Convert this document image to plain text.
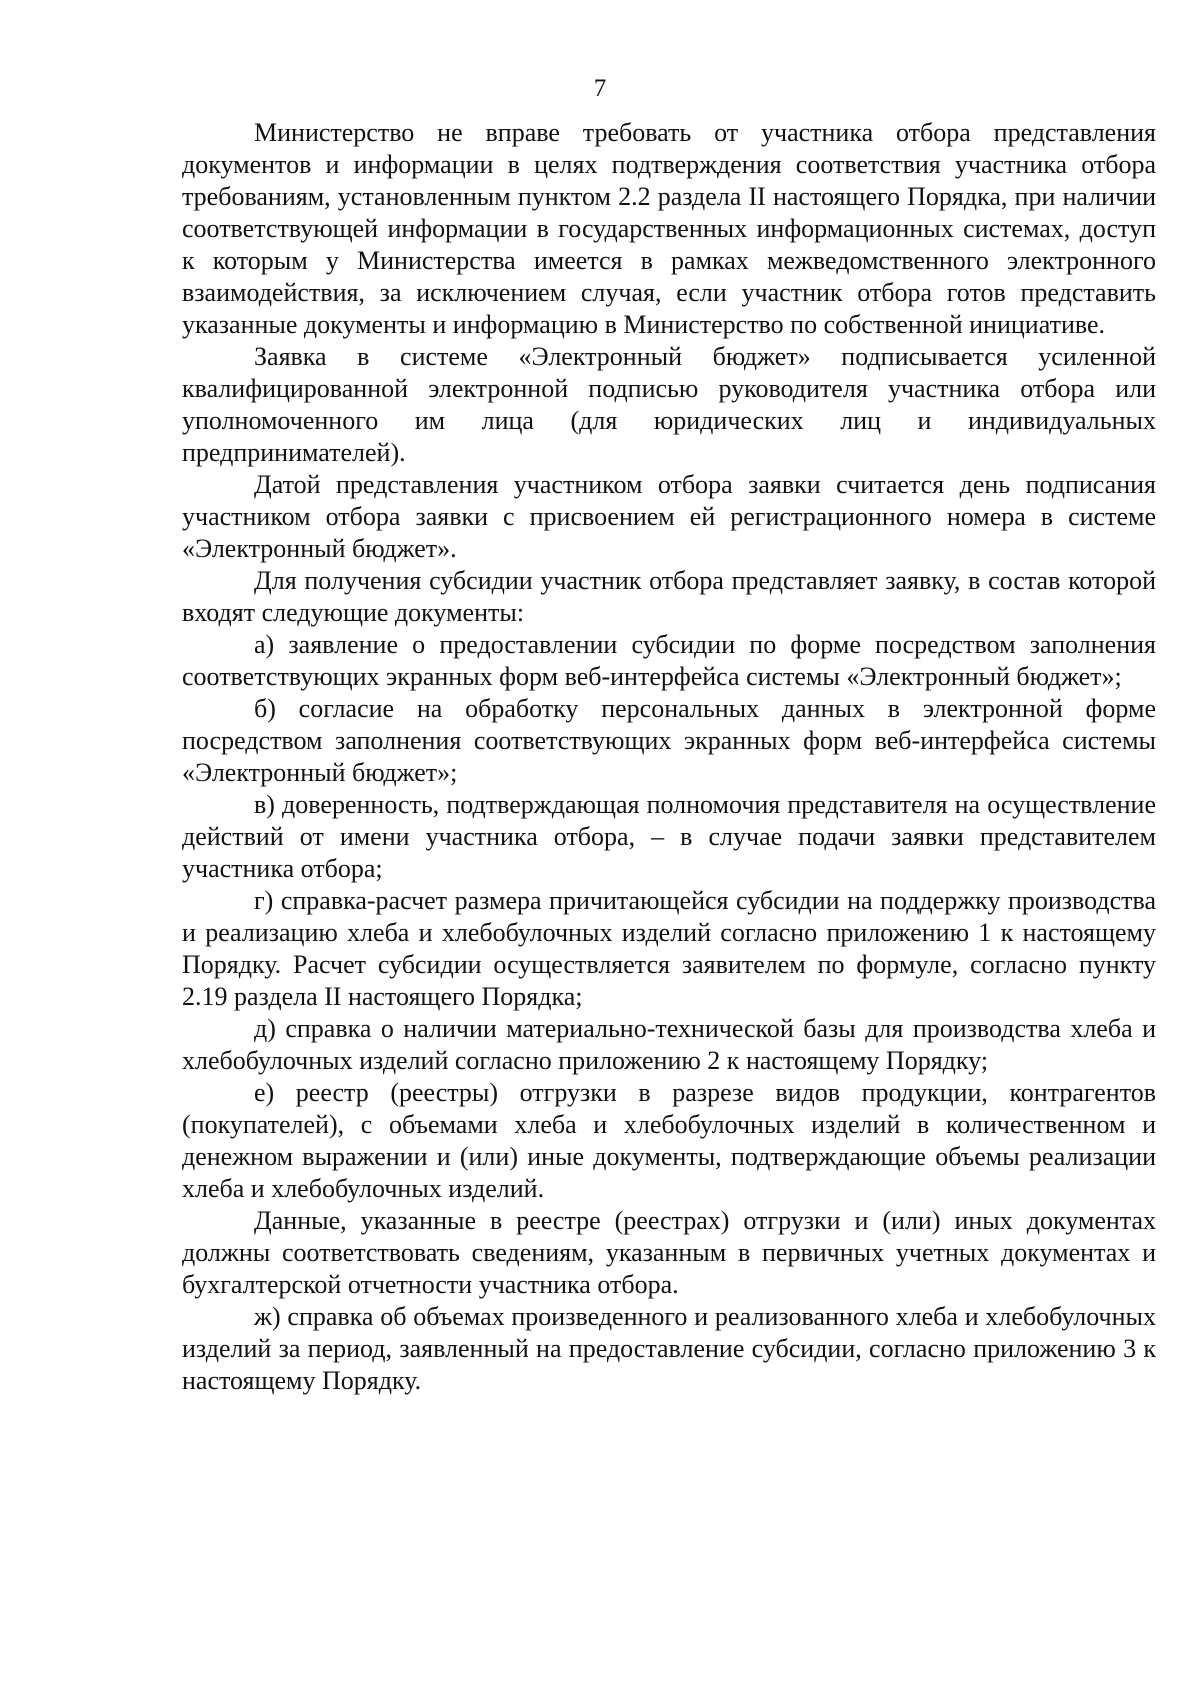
7

Министерство не вправе требовать от участника отбора представления документов и информации в целях подтверждения соответствия участника отбора требованиям, установленным пунктом 2.2 раздела II настоящего Порядка, при наличии соответствующей информации в государственных информационных системах, доступ к которым у Министерства имеется в рамках межведомственного электронного взаимодействия, за исключением случая, если участник отбора готов представить указанные документы и информацию в Министерство по собственной инициативе.

Заявка в системе «Электронный бюджет» подписывается усиленной квалифицированной электронной подписью руководителя участника отбора или уполномоченного им лица (для юридических лиц и индивидуальных предпринимателей).

Датой представления участником отбора заявки считается день подписания участником отбора заявки с присвоением ей регистрационного номера в системе «Электронный бюджет».

Для получения субсидии участник отбора представляет заявку, в состав которой входят следующие документы:

а) заявление о предоставлении субсидии по форме посредством заполнения соответствующих экранных форм веб-интерфейса системы «Электронный бюджет»;

б) согласие на обработку персональных данных в электронной форме посредством заполнения соответствующих экранных форм веб-интерфейса системы «Электронный бюджет»;

в) доверенность, подтверждающая полномочия представителя на осуществление действий от имени участника отбора, – в случае подачи заявки представителем участника отбора;

г) справка-расчет размера причитающейся субсидии на поддержку производства и реализацию хлеба и хлебобулочных изделий согласно приложению 1 к настоящему Порядку. Расчет субсидии осуществляется заявителем по формуле, согласно пункту 2.19 раздела II настоящего Порядка;

д) справка о наличии материально-технической базы для производства хлеба и хлебобулочных изделий согласно приложению 2 к настоящему Порядку;

е) реестр (реестры) отгрузки в разрезе видов продукции, контрагентов (покупателей), с объемами хлеба и хлебобулочных изделий в количественном и денежном выражении и (или) иные документы, подтверждающие объемы реализации хлеба и хлебобулочных изделий.

Данные, указанные в реестре (реестрах) отгрузки и (или) иных документах должны соответствовать сведениям, указанным в первичных учетных документах и бухгалтерской отчетности участника отбора.

ж) справка об объемах произведенного и реализованного хлеба и хлебобулочных изделий за период, заявленный на предоставление субсидии, согласно приложению 3 к настоящему Порядку.
